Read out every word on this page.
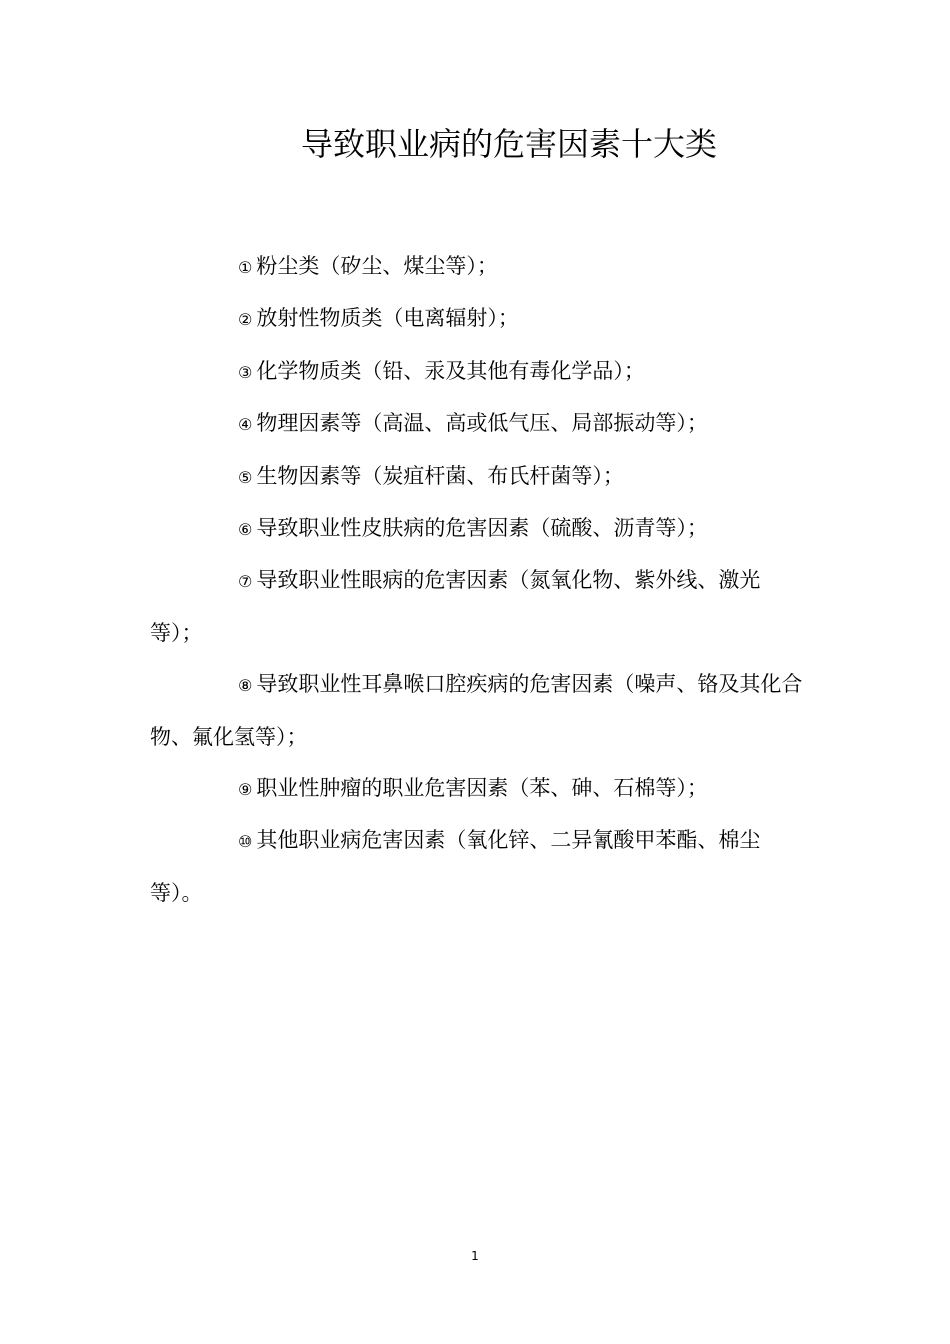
导致职业病的危害因素十大类

① 粉尘类（矽尘、煤尘等）；

② 放射性物质类（电离辐射）；

③ 化学物质类（铅、汞及其他有毒化学品）；

④ 物理因素等（高温、高或低气压、局部振动等）；

⑤ 生物因素等（炭疽杆菌、布氏杆菌等）；

⑥ 导致职业性皮肤病的危害因素（硫酸、沥青等）；

⑦ 导致职业性眼病的危害因素（氮氧化物、紫外线、激光等）；

⑧ 导致职业性耳鼻喉口腔疾病的危害因素（噪声、铬及其化合物、氟化氢等）；

⑨ 职业性肿瘤的职业危害因素（苯、砷、石棉等）；

⑩ 其他职业病危害因素（氧化锌、二异氰酸甲苯酯、棉尘等）。

1
